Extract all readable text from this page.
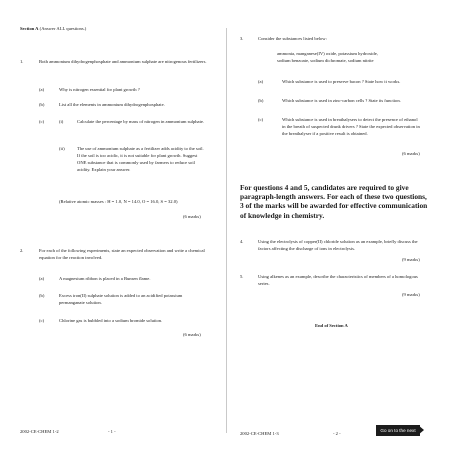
Section A (Answer ALL questions.)
1.	Both ammonium dihydrogenphosphate and ammonium sulphate are nitrogenous fertilizers.
(a)	Why is nitrogen essential for plant growth ?
(b)	List all the elements in ammonium dihydrogenphosphate.
(c)	(i)	Calculate the percentage by mass of nitrogen in ammonium sulphate.
(ii)	The use of ammonium sulphate as a fertilizer adds acidity to the soil. If the soil is too acidic, it is not suitable for plant growth. Suggest ONE substance that is commonly used by farmers to reduce soil acidity. Explain your answer.
(Relative atomic masses : H = 1.0, N = 14.0, O = 16.0, S = 32.0)
(6 marks)
2.	For each of the following experiments, state an expected observation and write a chemical equation for the reaction involved.
(a)	A magnesium ribbon is placed in a Bunsen flame.
(b)	Excess iron(II) sulphate solution is added to an acidified potassium permanganate solution.
(c)	Chlorine gas is bubbled into a sodium bromide solution.
(6 marks)
2002-CE-CHEM 1-2	- 1 -
3.	Consider the substances listed below:
ammonia, manganese(IV) oxide, potassium hydroxide,
sodium benzoate, sodium dichromate, sodium nitrite
(a)	Which substance is used to preserve bacon ? State how it works.
(b)	Which substance is used in zinc-carbon cells ? State its function.
(c)	Which substance is used in breathalysers to detect the presence of ethanol in the breath of suspected drunk drivers ? State the expected observation in the breathalyser if a positive result is obtained.
(6 marks)
For questions 4 and 5, candidates are required to give paragraph-length answers. For each of these two questions, 3 of the marks will be awarded for effective communication of knowledge in chemistry.
4.	Using the electrolysis of copper(II) chloride solution as an example, briefly discuss the factors affecting the discharge of ions in electrolysis.
(9 marks)
5.	Using alkenes as an example, describe the characteristics of members of a homologous series.
(9 marks)
End of Section A
2002-CE-CHEM 1-3	- 2 -
Go on to the next page
